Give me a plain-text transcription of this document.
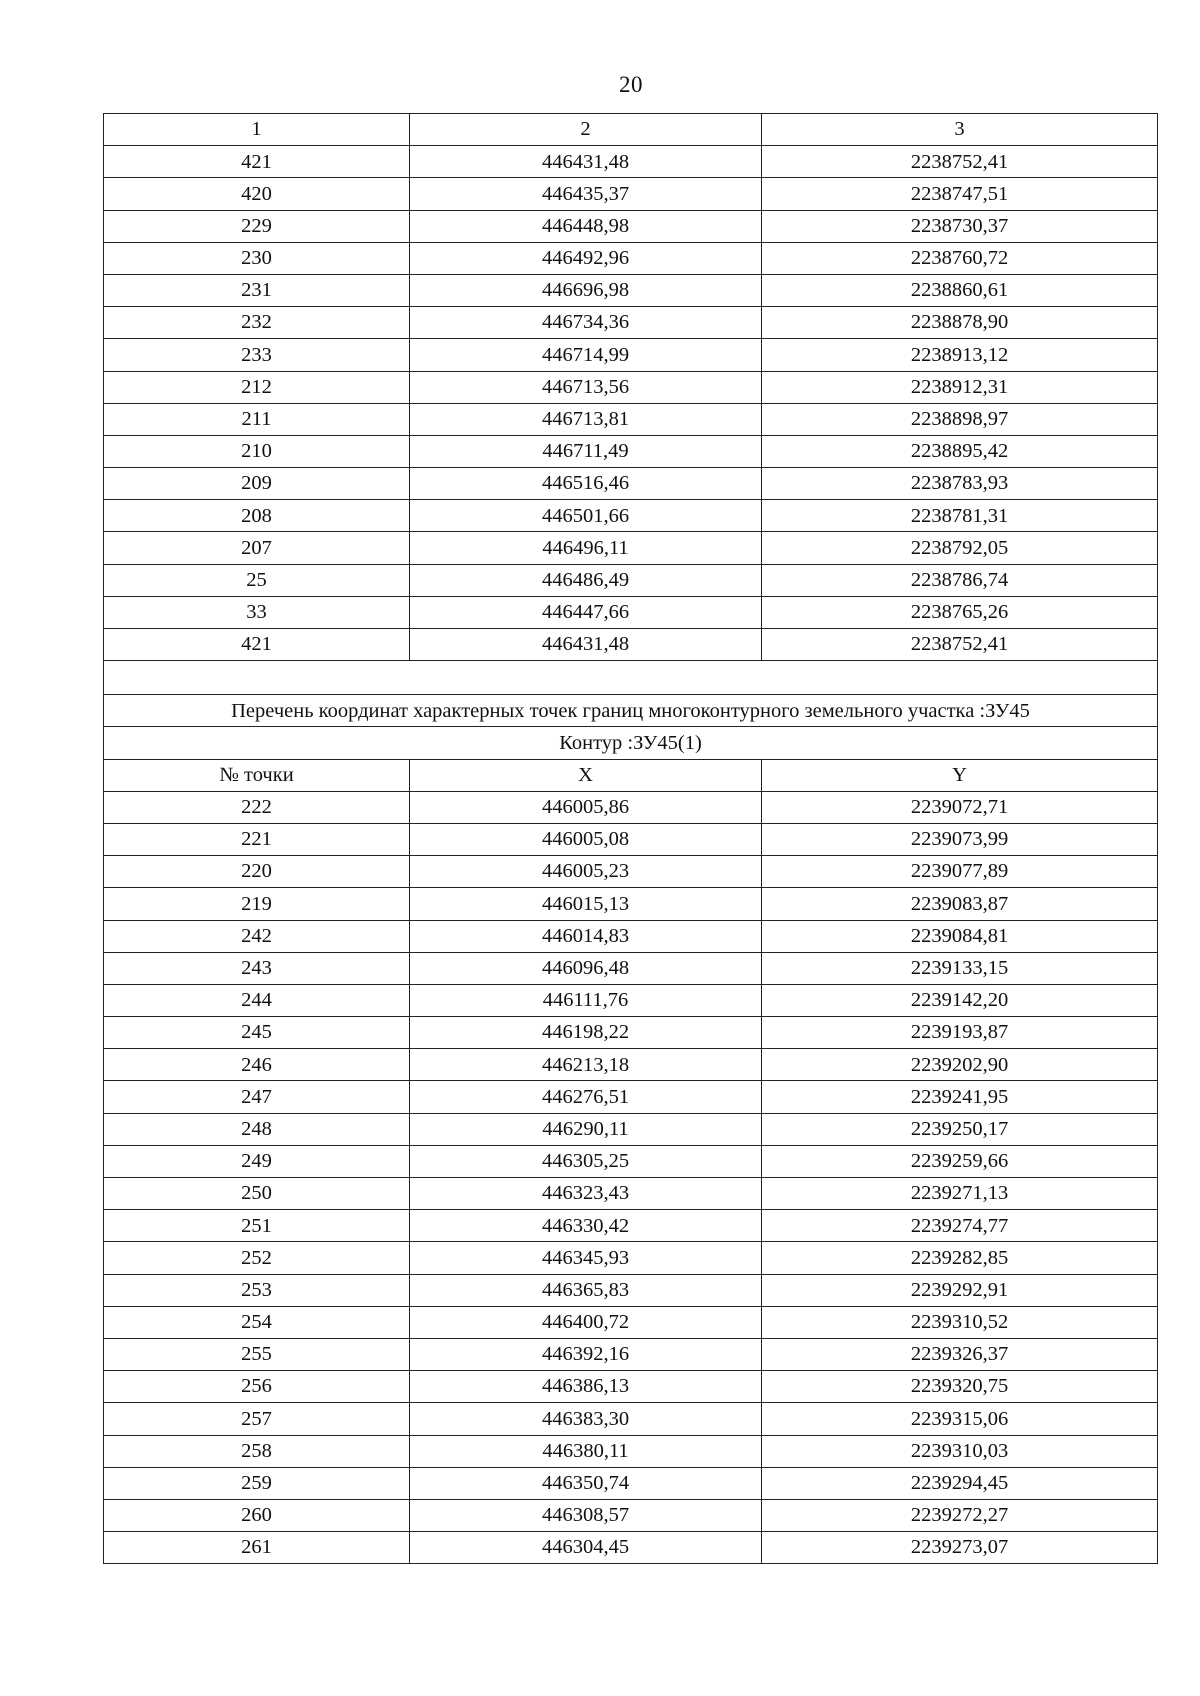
20
1	2	3
421	446431,48	2238752,41
420	446435,37	2238747,51
229	446448,98	2238730,37
230	446492,96	2238760,72
231	446696,98	2238860,61
232	446734,36	2238878,90
233	446714,99	2238913,12
212	446713,56	2238912,31
211	446713,81	2238898,97
210	446711,49	2238895,42
209	446516,46	2238783,93
208	446501,66	2238781,31
207	446496,11	2238792,05
25	446486,49	2238786,74
33	446447,66	2238765,26
421	446431,48	2238752,41

Перечень координат характерных точек границ многоконтурного земельного участка :ЗУ45		
Контур :ЗУ45(1)		
№ точки	X	Y
222	446005,86	2239072,71
221	446005,08	2239073,99
220	446005,23	2239077,89
219	446015,13	2239083,87
242	446014,83	2239084,81
243	446096,48	2239133,15
244	446111,76	2239142,20
245	446198,22	2239193,87
246	446213,18	2239202,90
247	446276,51	2239241,95
248	446290,11	2239250,17
249	446305,25	2239259,66
250	446323,43	2239271,13
251	446330,42	2239274,77
252	446345,93	2239282,85
253	446365,83	2239292,91
254	446400,72	2239310,52
255	446392,16	2239326,37
256	446386,13	2239320,75
257	446383,30	2239315,06
258	446380,11	2239310,03
259	446350,74	2239294,45
260	446308,57	2239272,27
261	446304,45	2239273,07
